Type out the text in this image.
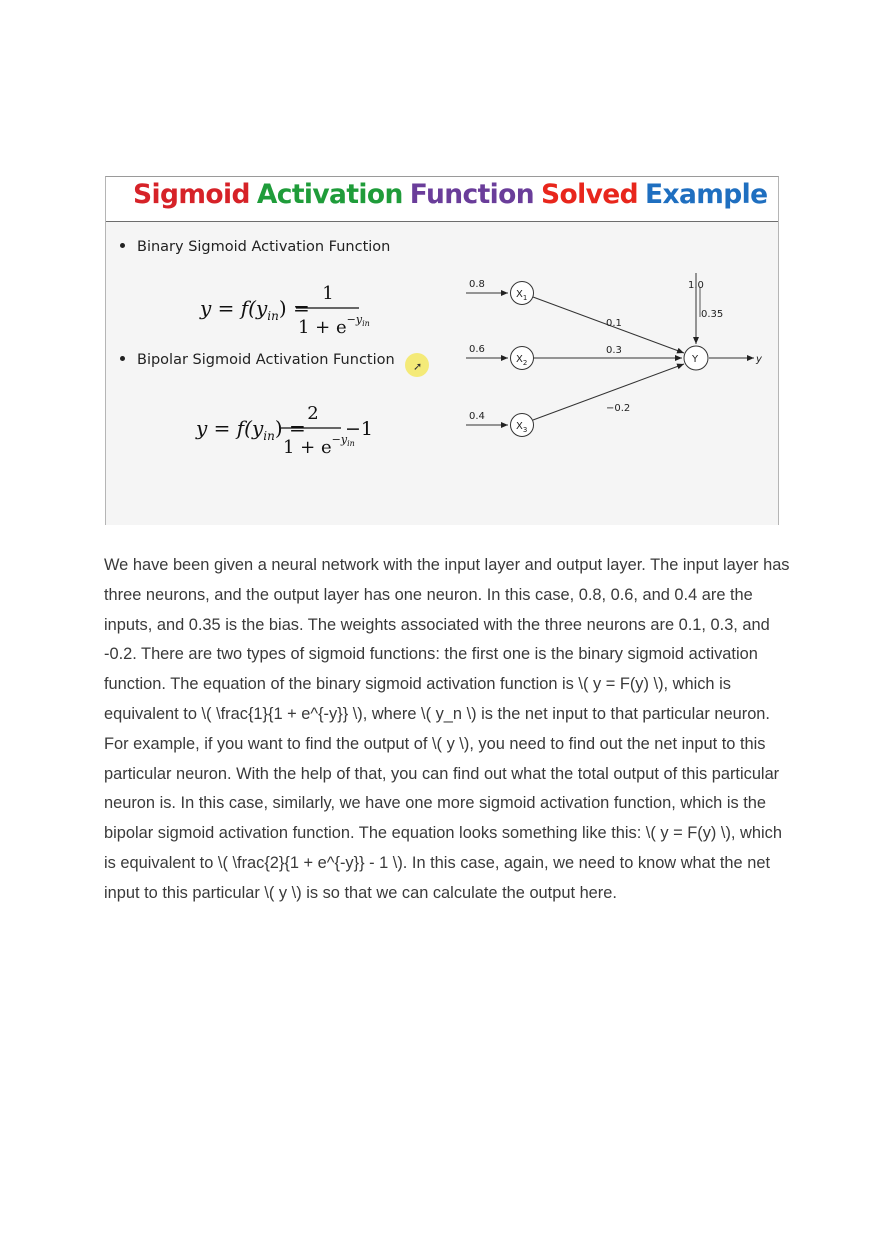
Sigmoid Activation Function Solved Example
Binary Sigmoid Activation Function
$y = f(y_{in})$ =
1
$1 + e^{-y}in$
Bipolar Sigmoid Activation Function ➚
$y = f(y_{in})$ =
2
$1 + e^{-y}in$
−1
0.8
0.6
0.4
$X_1$
$X_2$
$X_3$
0.1
0.3
−0.2
1.0
0.35
Y	y

We have been given a neural network with the input layer and output layer. The input layer has three neurons, and the output layer has one neuron. In this case, 0.8, 0.6, and 0.4 are the inputs, and 0.35 is the bias. The weights associated with the three neurons are 0.1, 0.3, and -0.2. There are two types of sigmoid functions: the first one is the binary sigmoid activation function. The equation of the binary sigmoid activation function is \( y = F(y) \), which is equivalent to \( \frac{1}{1 + e^{-y}} \), where \( y_n \) is the net input to that particular neuron. For example, if you want to find the output of \( y \), you need to find out the net input to this particular neuron. With the help of that, you can find out what the total output of this particular neuron is. In this case, similarly, we have one more sigmoid activation function, which is the bipolar sigmoid activation function. The equation looks something like this: \( y = F(y) \), which is equivalent to \( \frac{2}{1 + e^{-y}} - 1 \). In this case, again, we need to know what the net input to this particular \( y \) is so that we can calculate the output here.
